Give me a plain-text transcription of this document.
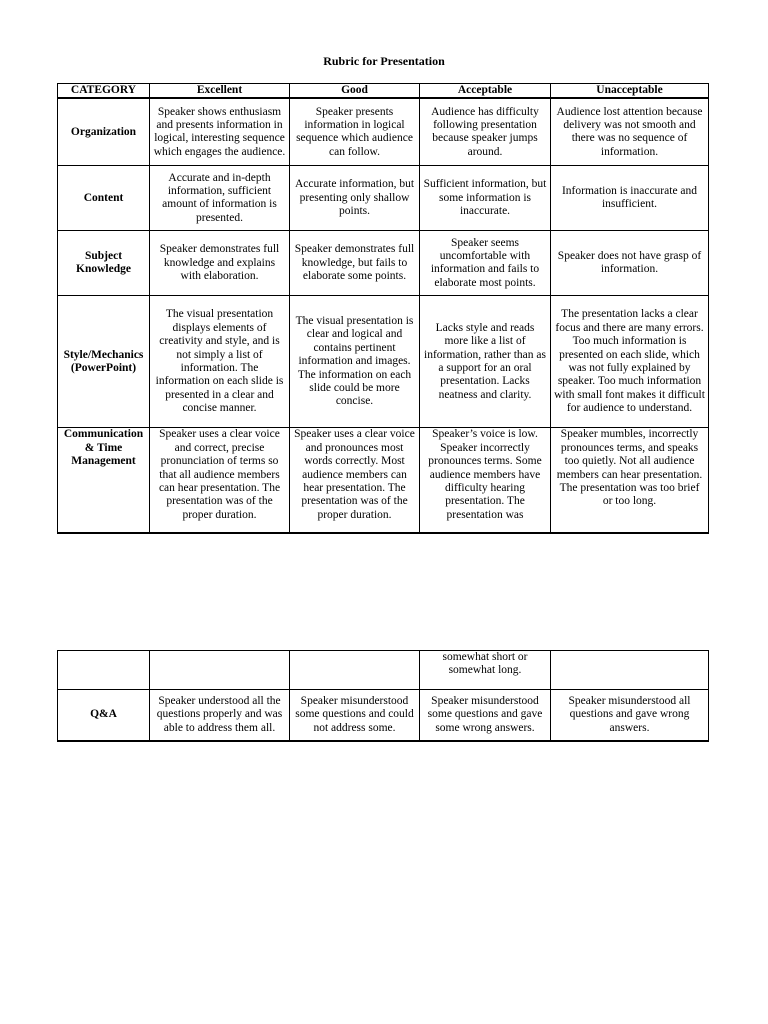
Rubric for Presentation
CATEGORY	Excellent	Good	Acceptable	Unacceptable
Organization	Speaker shows enthusiasm and presents information in logical, interesting sequence which engages the audience.	Speaker presents information in logical sequence which audience can follow.	Audience has difficulty following presentation because speaker jumps around.	Audience lost attention because delivery was not smooth and there was no sequence of information.
Content	Accurate and in-depth information, sufficient amount of information is presented.	Accurate information, but presenting only shallow points.	Sufficient information, but some information is inaccurate.	Information is inaccurate and insufficient.
Subject Knowledge	Speaker demonstrates full knowledge and explains with elaboration.	Speaker demonstrates full knowledge, but fails to elaborate some points.	Speaker seems uncomfortable with information and fails to elaborate most points.	Speaker does not have grasp of information.
Style/Mechanics (PowerPoint)	The visual presentation displays elements of creativity and style, and is not simply a list of information. The information on each slide is presented in a clear and concise manner.	The visual presentation is clear and logical and contains pertinent information and images. The information on each slide could be more concise.	Lacks style and reads more like a list of information, rather than as a support for an oral presentation. Lacks neatness and clarity.	The presentation lacks a clear focus and there are many errors. Too much information is presented on each slide, which was not fully explained by speaker. Too much information with small font makes it difficult for audience to understand.
Communication & Time Management	Speaker uses a clear voice and correct, precise pronunciation of terms so that all audience members can hear presentation. The presentation was of the proper duration.	Speaker uses a clear voice and pronounces most words correctly. Most audience members can hear presentation. The presentation was of the proper duration.	Speaker’s voice is low. Speaker incorrectly pronounces terms. Some audience members have difficulty hearing presentation. The presentation was	Speaker mumbles, incorrectly pronounces terms, and speaks too quietly. Not all audience members can hear presentation. The presentation was too brief or too long.
			somewhat short or somewhat long.	
Q&A	Speaker understood all the questions properly and was able to address them all.	Speaker misunderstood some questions and could not address some.	Speaker misunderstood some questions and gave some wrong answers.	Speaker misunderstood all questions and gave wrong answers.
